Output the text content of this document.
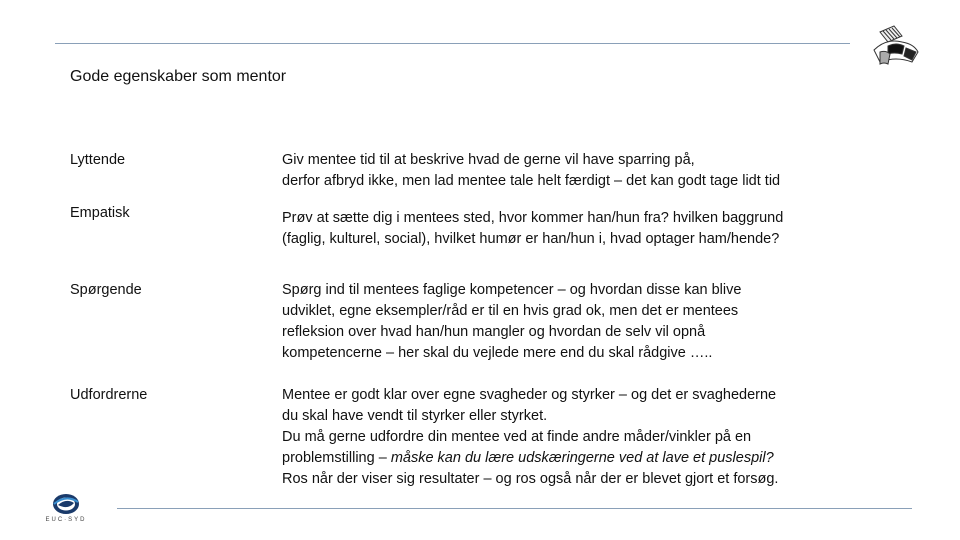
Gode egenskaber som mentor
Lyttende	Giv mentee tid til at beskrive hvad de gerne vil have sparring på,
derfor afbryd ikke, men lad mentee tale helt færdigt – det kan godt tage lidt tid
Empatisk	Prøv at sætte dig i mentees sted, hvor kommer han/hun fra? hvilken baggrund
(faglig, kulturel, social), hvilket humør er han/hun i, hvad optager ham/hende?
Spørgende	Spørg ind til mentees faglige kompetencer – og hvordan disse kan blive
udviklet, egne eksempler/råd er til en hvis grad ok, men det er mentees
refleksion over hvad han/hun mangler og hvordan de selv vil opnå
kompetencerne – her skal du vejlede mere end du skal rådgive …..
Udfordrerne	Mentee er godt klar over egne svagheder og styrker – og det er svaghederne
du skal have vendt til styrker eller styrket.
Du må gerne udfordre din mentee ved at finde andre måder/vinkler på en
problemstilling – måske kan du lære udskæringerne ved at lave et puslespil?
Ros når der viser sig resultater – og ros også når der er blevet gjort et forsøg.
EUC·SYD
